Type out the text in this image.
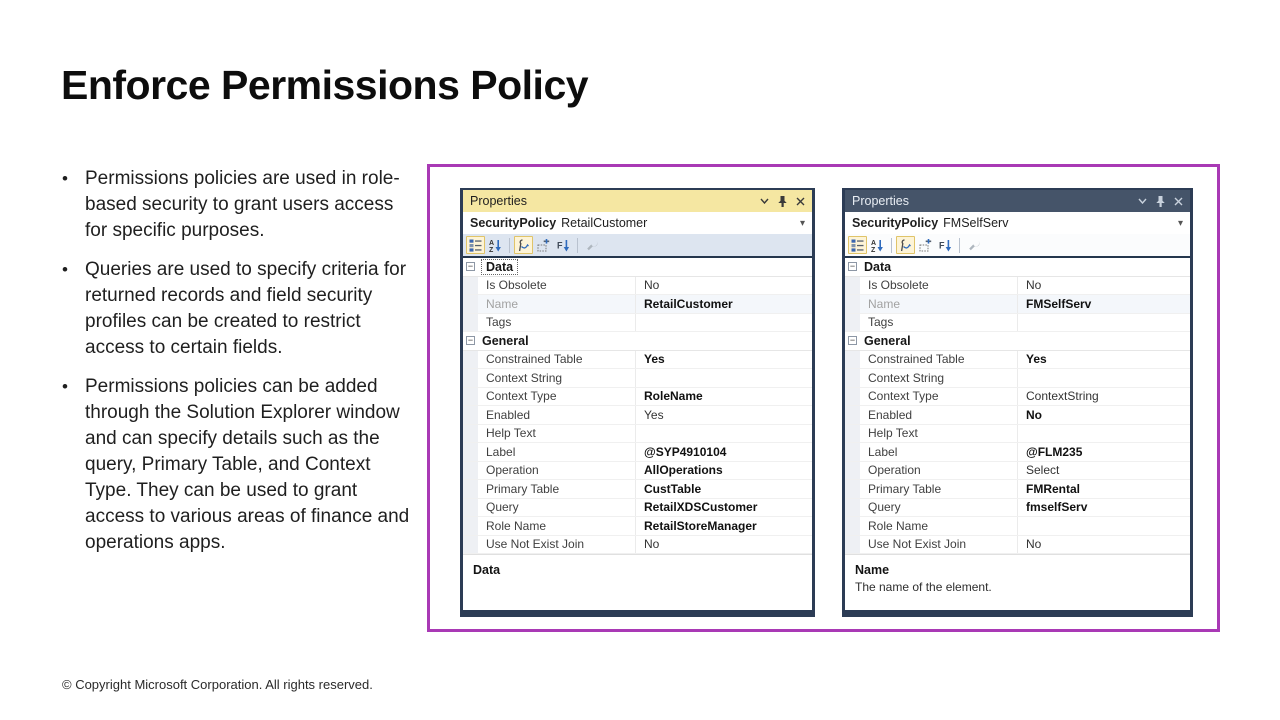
Enforce Permissions Policy
• Permissions policies are used in role-based security to grant users access for specific purposes.
• Queries are used to specify criteria for returned records and field security profiles can be created to restrict access to certain fields.
• Permissions policies can be added through the Solution Explorer window and can specify details such as the query, Primary Table, and Context Type. They can be used to grant access to various areas of finance and operations apps.
Properties
SecurityPolicy RetailCustomer	▾
A
Z	F
−	Data
Is Obsolete	No
Name	RetailCustomer
Tags
− General
Constrained Table	Yes
Context String
Context Type	RoleName
Enabled	Yes
Help Text
Label	@SYP4910104
Operation	AllOperations
Primary Table	CustTable
Query	RetailXDSCustomer
Role Name	RetailStoreManager
Use Not Exist Join	No
Data
Properties
SecurityPolicy FMSelfServ	▾
A
Z	F
− Data
Is Obsolete	No
Name	FMSelfServ
Tags
− General
Constrained Table	Yes
Context String
Context Type	ContextString
Enabled	No
Help Text
Label	@FLM235
Operation	Select
Primary Table	FMRental
Query	fmselfServ
Role Name
Use Not Exist Join	No
Name
The name of the element.
© Copyright Microsoft Corporation. All rights reserved.
